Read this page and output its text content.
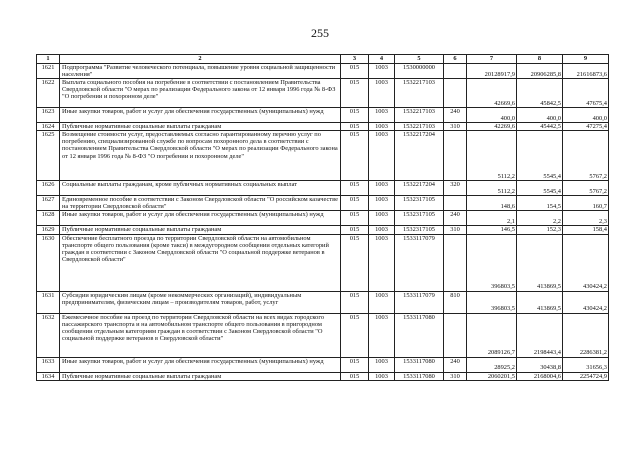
255
1	2	3	4	5	6	7	8	9
1621	Подпрограмма "Развитие человеческого потенциала, повышение уровня социальной защищенности населения"	015	1003	1530000000		20128917,9	20906285,8	21616873,6
1622	Выплата социального пособия на погребение в соответствии с постановлением Правительства Свердловской области "О мерах по реализации Федерального закона от 12 января 1996 года № 8-ФЗ "О погребении и похоронном деле"	015	1003	1532217103		42669,6	45842,5	47675,4
1623	Иные закупки товаров, работ и услуг для обеспечения государственных (муниципальных) нужд	015	1003	1532217103	240	400,0	400,0	400,0
1624	Публичные нормативные социальные выплаты гражданам	015	1003	1532217103	310	42269,6	45442,5	47275,4
1625	Возмещение стоимости услуг, предоставляемых согласно гарантированному перечню услуг по погребению, специализированной службе по вопросам похоронного дела в соответствии с постановлением Правительства Свердловской области "О мерах по реализации Федерального закона от 12 января 1996 года № 8-ФЗ "О погребении и похоронном деле"	015	1003	1532217204		5112,2	5545,4	5767,2
1626	Социальные выплаты гражданам, кроме публичных нормативных социальных выплат	015	1003	1532217204	320	5112,2	5545,4	5767,2
1627	Единовременное пособие в соответствии с Законом Свердловской области "О российском казачестве на территории Свердловской области"	015	1003	1532317105		148,6	154,5	160,7
1628	Иные закупки товаров, работ и услуг для обеспечения государственных (муниципальных) нужд	015	1003	1532317105	240	2,1	2,2	2,3
1629	Публичные нормативные социальные выплаты гражданам	015	1003	1532317105	310	146,5	152,3	158,4
1630	Обеспечение бесплатного проезда по территории Свердловской области на автомобильном транспорте общего пользования (кроме такси) в междугородном сообщении отдельных категорий граждан в соответствии с Законом Свердловской области "О социальной поддержке ветеранов в Свердловской области"	015	1003	1533117079		396803,5	413869,5	430424,2
1631	Субсидии юридическим лицам (кроме некоммерческих организаций), индивидуальным предпринимателям, физическим лицам – производителям товаров, работ, услуг	015	1003	1533117079	810	396803,5	413869,5	430424,2
1632	Ежемесячное пособие на проезд по территории Свердловской области на всех видах городского пассажирского транспорта и на автомобильном транспорте общего пользования в пригородном сообщении отдельным категориям граждан в соответствии с Законом Свердловской области "О социальной поддержке ветеранов в Свердловской области"	015	1003	1533117080		2089126,7	2198443,4	2286381,2
1633	Иные закупки товаров, работ и услуг для обеспечения государственных (муниципальных) нужд	015	1003	1533117080	240	28925,2	30438,8	31656,3
1634	Публичные нормативные социальные выплаты гражданам	015	1003	1533117080	310	2060201,5	2168004,6	2254724,9
